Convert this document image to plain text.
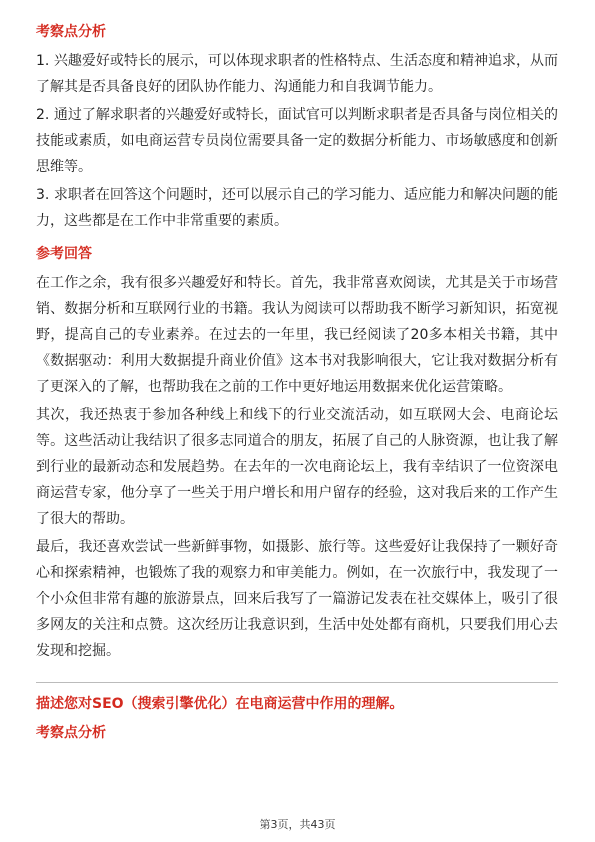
考察点分析

1. 兴趣爱好或特长的展示，可以体现求职者的性格特点、生活态度和精神追求，从而了解其是否具备良好的团队协作能力、沟通能力和自我调节能力。

2. 通过了解求职者的兴趣爱好或特长，面试官可以判断求职者是否具备与岗位相关的技能或素质，如电商运营专员岗位需要具备一定的数据分析能力、市场敏感度和创新思维等。

3. 求职者在回答这个问题时，还可以展示自己的学习能力、适应能力和解决问题的能力，这些都是在工作中非常重要的素质。

参考回答

在工作之余，我有很多兴趣爱好和特长。首先，我非常喜欢阅读，尤其是关于市场营销、数据分析和互联网行业的书籍。我认为阅读可以帮助我不断学习新知识，拓宽视野，提高自己的专业素养。在过去的一年里，我已经阅读了20多本相关书籍，其中《数据驱动：利用大数据提升商业价值》这本书对我影响很大，它让我对数据分析有了更深入的了解，也帮助我在之前的工作中更好地运用数据来优化运营策略。

其次，我还热衷于参加各种线上和线下的行业交流活动，如互联网大会、电商论坛等。这些活动让我结识了很多志同道合的朋友，拓展了自己的人脉资源，也让我了解到行业的最新动态和发展趋势。在去年的一次电商论坛上，我有幸结识了一位资深电商运营专家，他分享了一些关于用户增长和用户留存的经验，这对我后来的工作产生了很大的帮助。

最后，我还喜欢尝试一些新鲜事物，如摄影、旅行等。这些爱好让我保持了一颗好奇心和探索精神，也锻炼了我的观察力和审美能力。例如，在一次旅行中，我发现了一个小众但非常有趣的旅游景点，回来后我写了一篇游记发表在社交媒体上，吸引了很多网友的关注和点赞。这次经历让我意识到，生活中处处都有商机，只要我们用心去发现和挖掘。

描述您对SEO（搜索引擎优化）在电商运营中作用的理解。
考察点分析
第3页，共43页
